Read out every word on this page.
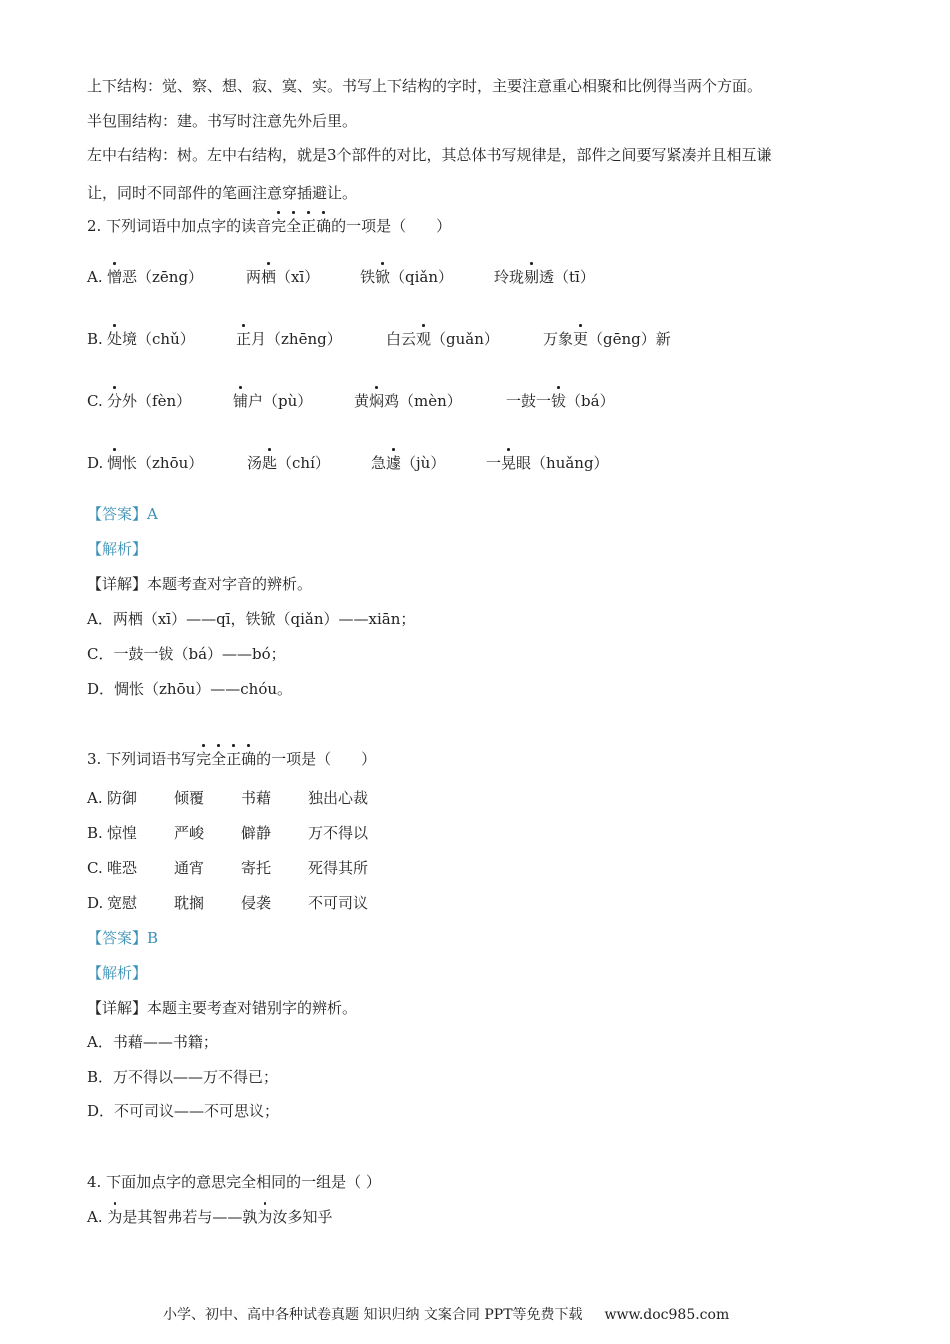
上下结构：觉、察、想、寂、寞、实。书写上下结构的字时，主要注意重心相聚和比例得当两个方面。
半包围结构：建。书写时注意先外后里。
左中右结构：树。左中右结构，就是3个部件的对比，其总体书写规律是，部件之间要写紧凑并且相互谦
让，同时不同部件的笔画注意穿插避让。
2. 下列词语中加点字的读音完全正确的一项是（　　）
A. 憎恶（zēng）	两栖（xī）	铁锨（qiǎn）	玲珑剔透（tī）
B. 处境（chǔ）	正月（zhēng）	白云观（guǎn）	万象更（gēng）新
C. 分外（fèn）	铺户（pù）	黄焖鸡（mèn）	一鼓一钹（bá）
D. 惆怅（zhōu）	汤匙（chí）	急遽（jù）	一晃眼（huǎng）
【答案】A
【解析】
【详解】本题考查对字音的辨析。
A．两栖（xī）——qī，铁锨（qiǎn）——xiān；
C．一鼓一钹（bá）——bó；
D．惆怅（zhōu）——chóu。
3. 下列词语书写完全正确的一项是（　　）
A. 防御 倾覆 书藉 独出心裁
B. 惊惶 严峻 僻静 万不得以
C. 唯恐 通宵 寄托 死得其所
D. 宽慰 耽搁 侵袭 不可司议
【答案】B
【解析】
【详解】本题主要考查对错别字的辨析。
A．书藉——书籍；
B．万不得以——万不得已；
D．不可司议——不可思议；
4. 下面加点字的意思完全相同的一组是（ ）
A. 为是其智弗若与——孰为汝多知乎
小学、初中、高中各种试卷真题 知识归纳 文案合同 PPT等免费下载 www.doc985.com
